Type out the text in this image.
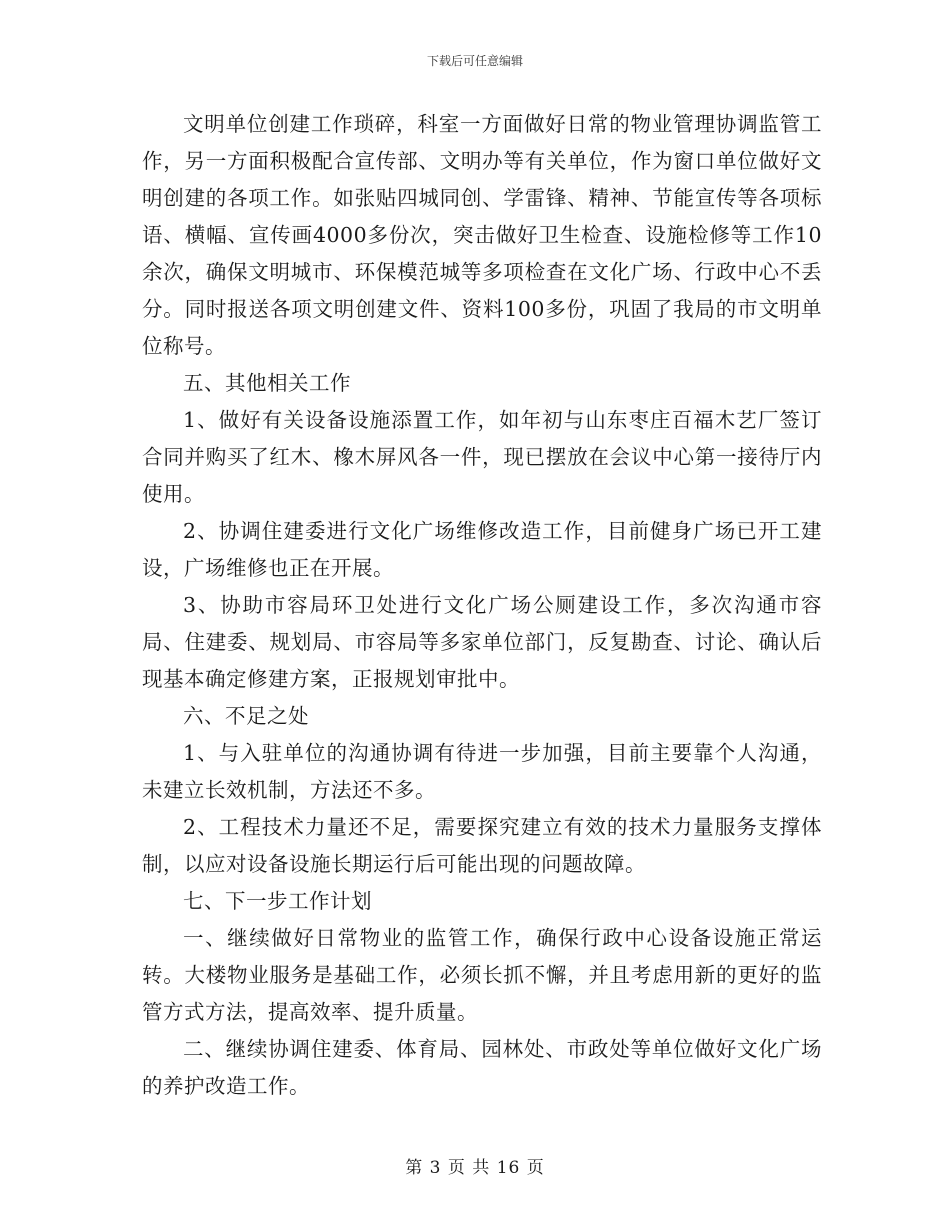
下载后可任意编辑

文明单位创建工作琐碎，科室一方面做好日常的物业管理协调监管工作，另一方面积极配合宣传部、文明办等有关单位，作为窗口单位做好文明创建的各项工作。如张贴四城同创、学雷锋、精神、节能宣传等各项标语、横幅、宣传画4000多份次，突击做好卫生检查、设施检修等工作10余次，确保文明城市、环保模范城等多项检查在文化广场、行政中心不丢分。同时报送各项文明创建文件、资料100多份，巩固了我局的市文明单位称号。

五、其他相关工作

1、做好有关设备设施添置工作，如年初与山东枣庄百福木艺厂签订合同并购买了红木、橡木屏风各一件，现已摆放在会议中心第一接待厅内使用。

2、协调住建委进行文化广场维修改造工作，目前健身广场已开工建设，广场维修也正在开展。

3、协助市容局环卫处进行文化广场公厕建设工作，多次沟通市容局、住建委、规划局、市容局等多家单位部门，反复勘查、讨论、确认后现基本确定修建方案，正报规划审批中。

六、不足之处

1、与入驻单位的沟通协调有待进一步加强，目前主要靠个人沟通，未建立长效机制，方法还不多。

2、工程技术力量还不足，需要探究建立有效的技术力量服务支撑体制，以应对设备设施长期运行后可能出现的问题故障。

七、下一步工作计划

一、继续做好日常物业的监管工作，确保行政中心设备设施正常运转。大楼物业服务是基础工作，必须长抓不懈，并且考虑用新的更好的监管方式方法，提高效率、提升质量。

二、继续协调住建委、体育局、园林处、市政处等单位做好文化广场的养护改造工作。

第 3 页 共 16 页
